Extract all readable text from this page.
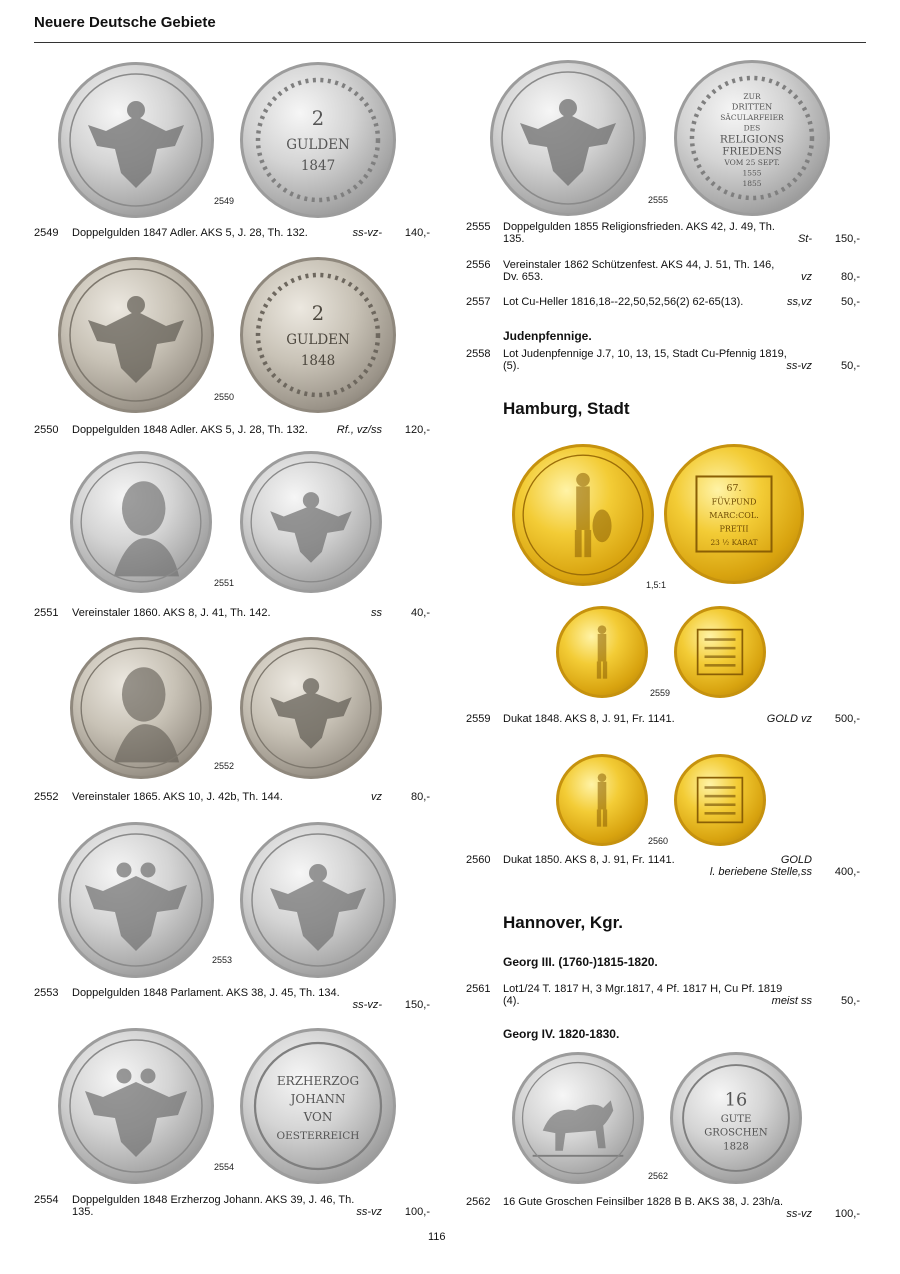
Neuere Deutsche Gebiete
2
GULDEN
1847
2549
2549 Doppelgulden 1847 Adler. AKS 5, J. 28, Th. 132.	ss-vz- 140,-
2
GULDEN
1848
2550
2550 Doppelgulden 1848 Adler. AKS 5, J. 28, Th. 132.	Rf., vz/ss 120,-
2551
2551 Vereinstaler 1860. AKS 8, J. 41, Th. 142.	ss	40,-
2552
2552 Vereinstaler 1865. AKS 10, J. 42b, Th. 144.	vz	80,-
2553
2553 Doppelgulden 1848 Parlament. AKS 38, J. 45, Th. 134.
ss-vz- 150,-
ERZHERZOG
JOHANN
VON
OESTERREICH
2554
2554 Doppelgulden 1848 Erzherzog Johann. AKS 39, J. 46, Th.
135.	ss-vz 100,-
ZUR
DRITTEN
SÄCULARFEIER
DES
RELIGIONS
FRIEDENS
VOM 25 SEPT.
1555
1855
2555
2555 Doppelgulden 1855 Religionsfrieden. AKS 42, J. 49, Th.
135.	St- 150,-
2556 Vereinstaler 1862 Schützenfest. AKS 44, J. 51, Th. 146,
Dv. 653.	vz	80,-
2557 Lot Cu-Heller 1816,18--22,50,52,56(2) 62-65(13).	ss,vz	50,-
Judenpfennige.
2558 Lot Judenpfennige J.7, 10, 13, 15, Stadt Cu-Pfennig 1819,
(5).	ss-vz	50,-
Hamburg, Stadt
67.
FÜV.PUND
MARC:COL.
PRETII
23 ½ KARAT
1,5:1
2559
2559 Dukat 1848. AKS 8, J. 91, Fr. 1141.	GOLD vz 500,-
2560
2560 Dukat 1850. AKS 8, J. 91, Fr. 1141.	GOLD
l. beriebene Stelle,ss 400,-
Hannover, Kgr.
Georg III. (1760-)1815-1820.
2561 Lot1/24 T. 1817 H, 3 Mgr.1817, 4 Pf. 1817 H, Cu Pf. 1819
(4).	meist ss	50,-
Georg IV. 1820-1830.
16
GUTE
GROSCHEN
1828
2562
2562 16 Gute Groschen Feinsilber 1828 B B. AKS 38, J. 23h/a.
ss-vz 100,-
116
